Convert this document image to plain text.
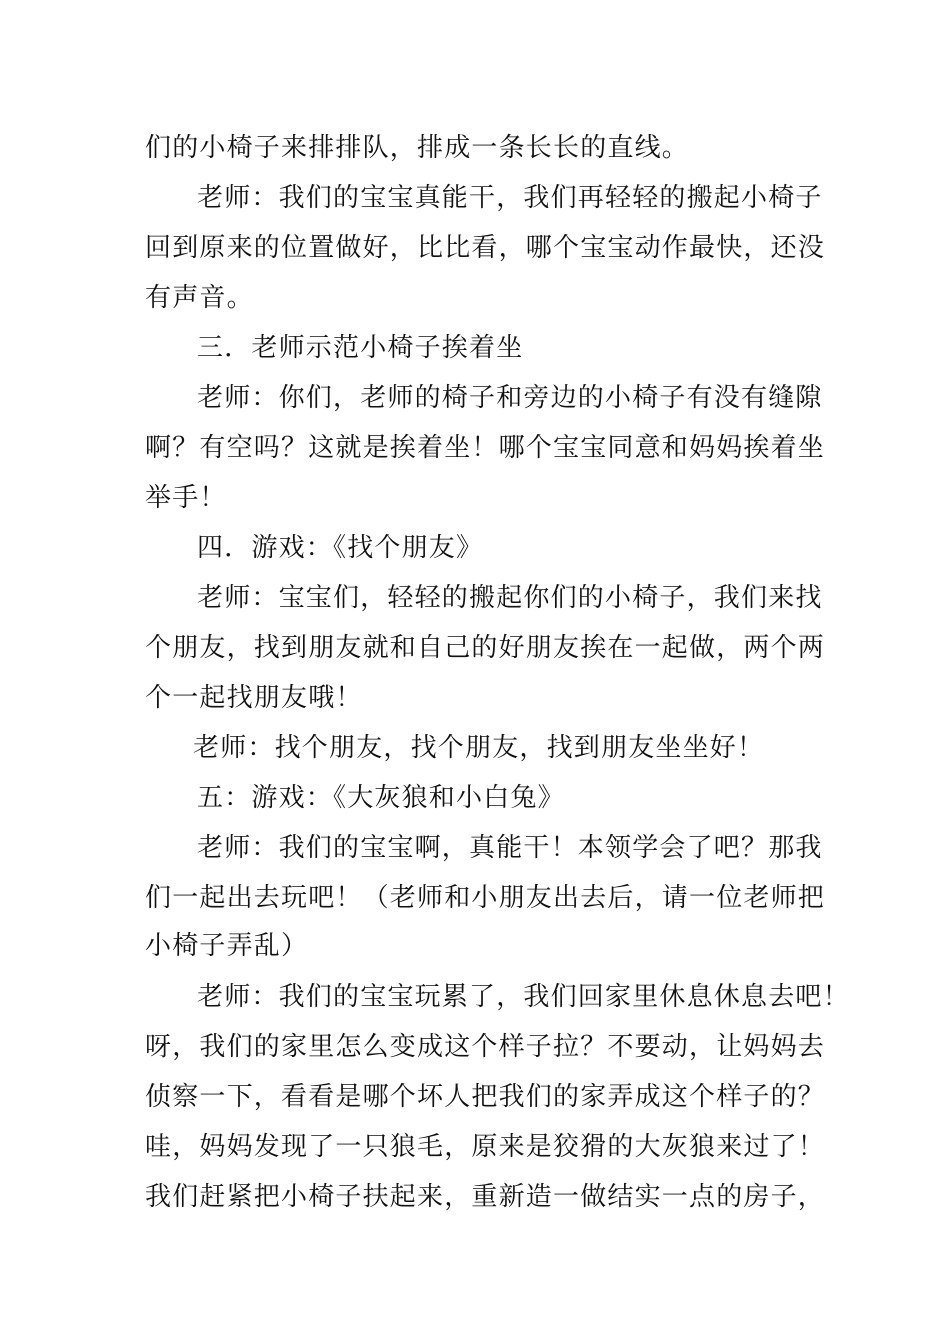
们的小椅子来排排队，排成一条长长的直线。
老师：我们的宝宝真能干，我们再轻轻的搬起小椅子
回到原来的位置做好，比比看，哪个宝宝动作最快，还没
有声音。
三．老师示范小椅子挨着坐
老师：你们，老师的椅子和旁边的小椅子有没有缝隙
啊？有空吗？这就是挨着坐！哪个宝宝同意和妈妈挨着坐
举手！
四．游戏：《找个朋友》
老师：宝宝们，轻轻的搬起你们的小椅子，我们来找
个朋友，找到朋友就和自己的好朋友挨在一起做，两个两
个一起找朋友哦！
老师：找个朋友，找个朋友，找到朋友坐坐好！
五：游戏：《大灰狼和小白兔》
老师：我们的宝宝啊，真能干！本领学会了吧？那我
们一起出去玩吧！（老师和小朋友出去后，请一位老师把
小椅子弄乱）
老师：我们的宝宝玩累了，我们回家里休息休息去吧！
呀，我们的家里怎么变成这个样子拉？不要动，让妈妈去
侦察一下，看看是哪个坏人把我们的家弄成这个样子的？
哇，妈妈发现了一只狼毛，原来是狡猾的大灰狼来过了！
我们赶紧把小椅子扶起来，重新造一做结实一点的房子，
